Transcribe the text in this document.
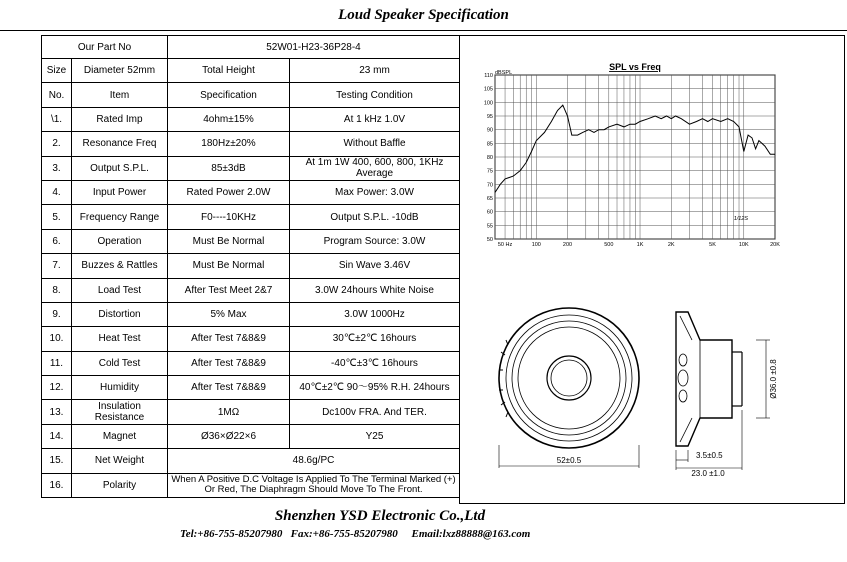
Loud Speaker Specification
Our Part No		52W01-H23-36P28-4	
Size	Diameter 52mm	Total Height	23 mm
No.	Item	Specification	Testing Condition
\1.	Rated Imp	4ohm±15%	At 1 kHz 1.0V
2.	Resonance Freq	180Hz±20%	Without Baffle
3.	Output S.P.L.	85±3dB	At 1m 1W 400, 600, 800, 1KHz Average
4.	Input Power	Rated Power 2.0W	Max Power: 3.0W
5.	Frequency Range	F0----10KHz	Output S.P.L. -10dB
6.	Operation	Must Be Normal	Program Source: 3.0W
7.	Buzzes & Rattles	Must Be Normal	Sin Wave 3.46V
8.	Load Test	After Test Meet 2&7	3.0W 24hours White Noise
9.	Distortion	5% Max	3.0W 1000Hz
10.	Heat Test	After Test 7&8&9	30℃±2℃ 16hours
11.	Cold Test	After Test 7&8&9	-40℃±3℃ 16hours
12.	Humidity	After Test 7&8&9	40℃±2℃ 90〜95% R.H. 24hours
13.	Insulation Resistance	1MΩ	Dc100v FRA. And TER.
14.	Magnet	Ø36×Ø22×6	Y25
15.	Net Weight	48.6g/PC	
16.	Polarity	When A Positive D.C Voltage Is Applied To The Terminal Marked (+) Or Red, The Diaphragm Should Move To The Front.	
50
55
60
65
70
75
80
85
90
95
100
105
110
50 Hz	100	200	500	1K	2K	5K	10K	20K
SPL vs Freq
dBSPL
1/12S
52±0.5
Ø36.0 ±0.8
3.5±0.5
23.0 ±1.0
Shenzhen YSD Electronic Co.,Ltd
Tel:+86-755-85207980 Fax:+86-755-85207980 Email:lxz88888@163.com
